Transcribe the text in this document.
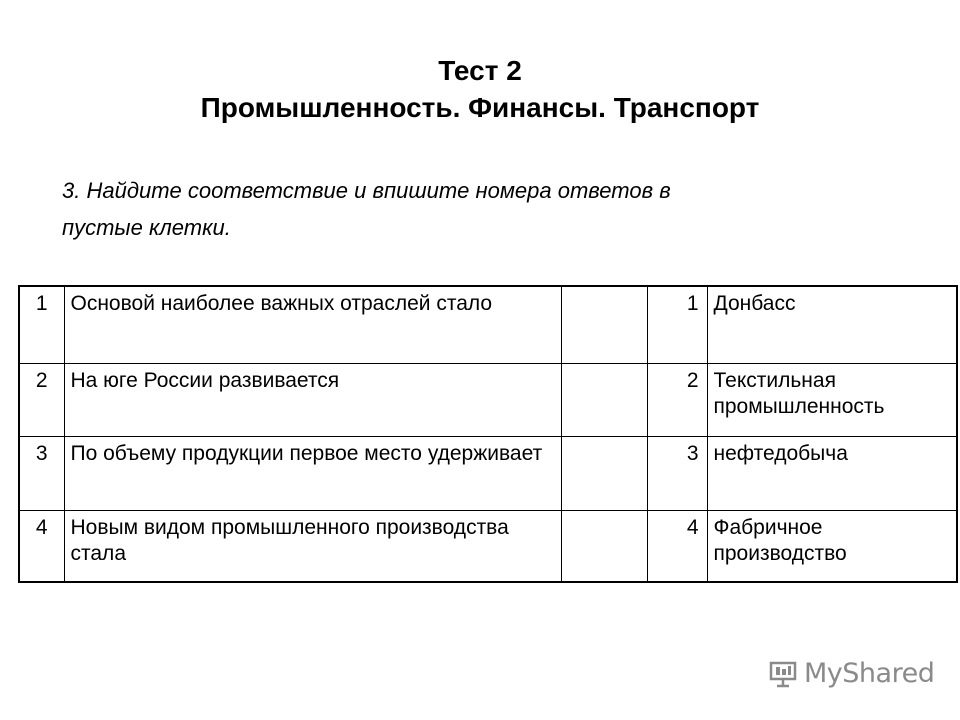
Тест 2
Промышленность. Финансы. Транспорт

3. Найдите соответствие и впишите номера ответов в
пустые клетки.

1	Основой наиболее важных отраслей стало		1	Донбасс
2	На юге России развивается		2	Текстильная промышленность
3	По объему продукции первое место удерживает		3	нефтедобыча
4	Новым видом промышленного производства стала		4	Фабричное производство
MyShared
